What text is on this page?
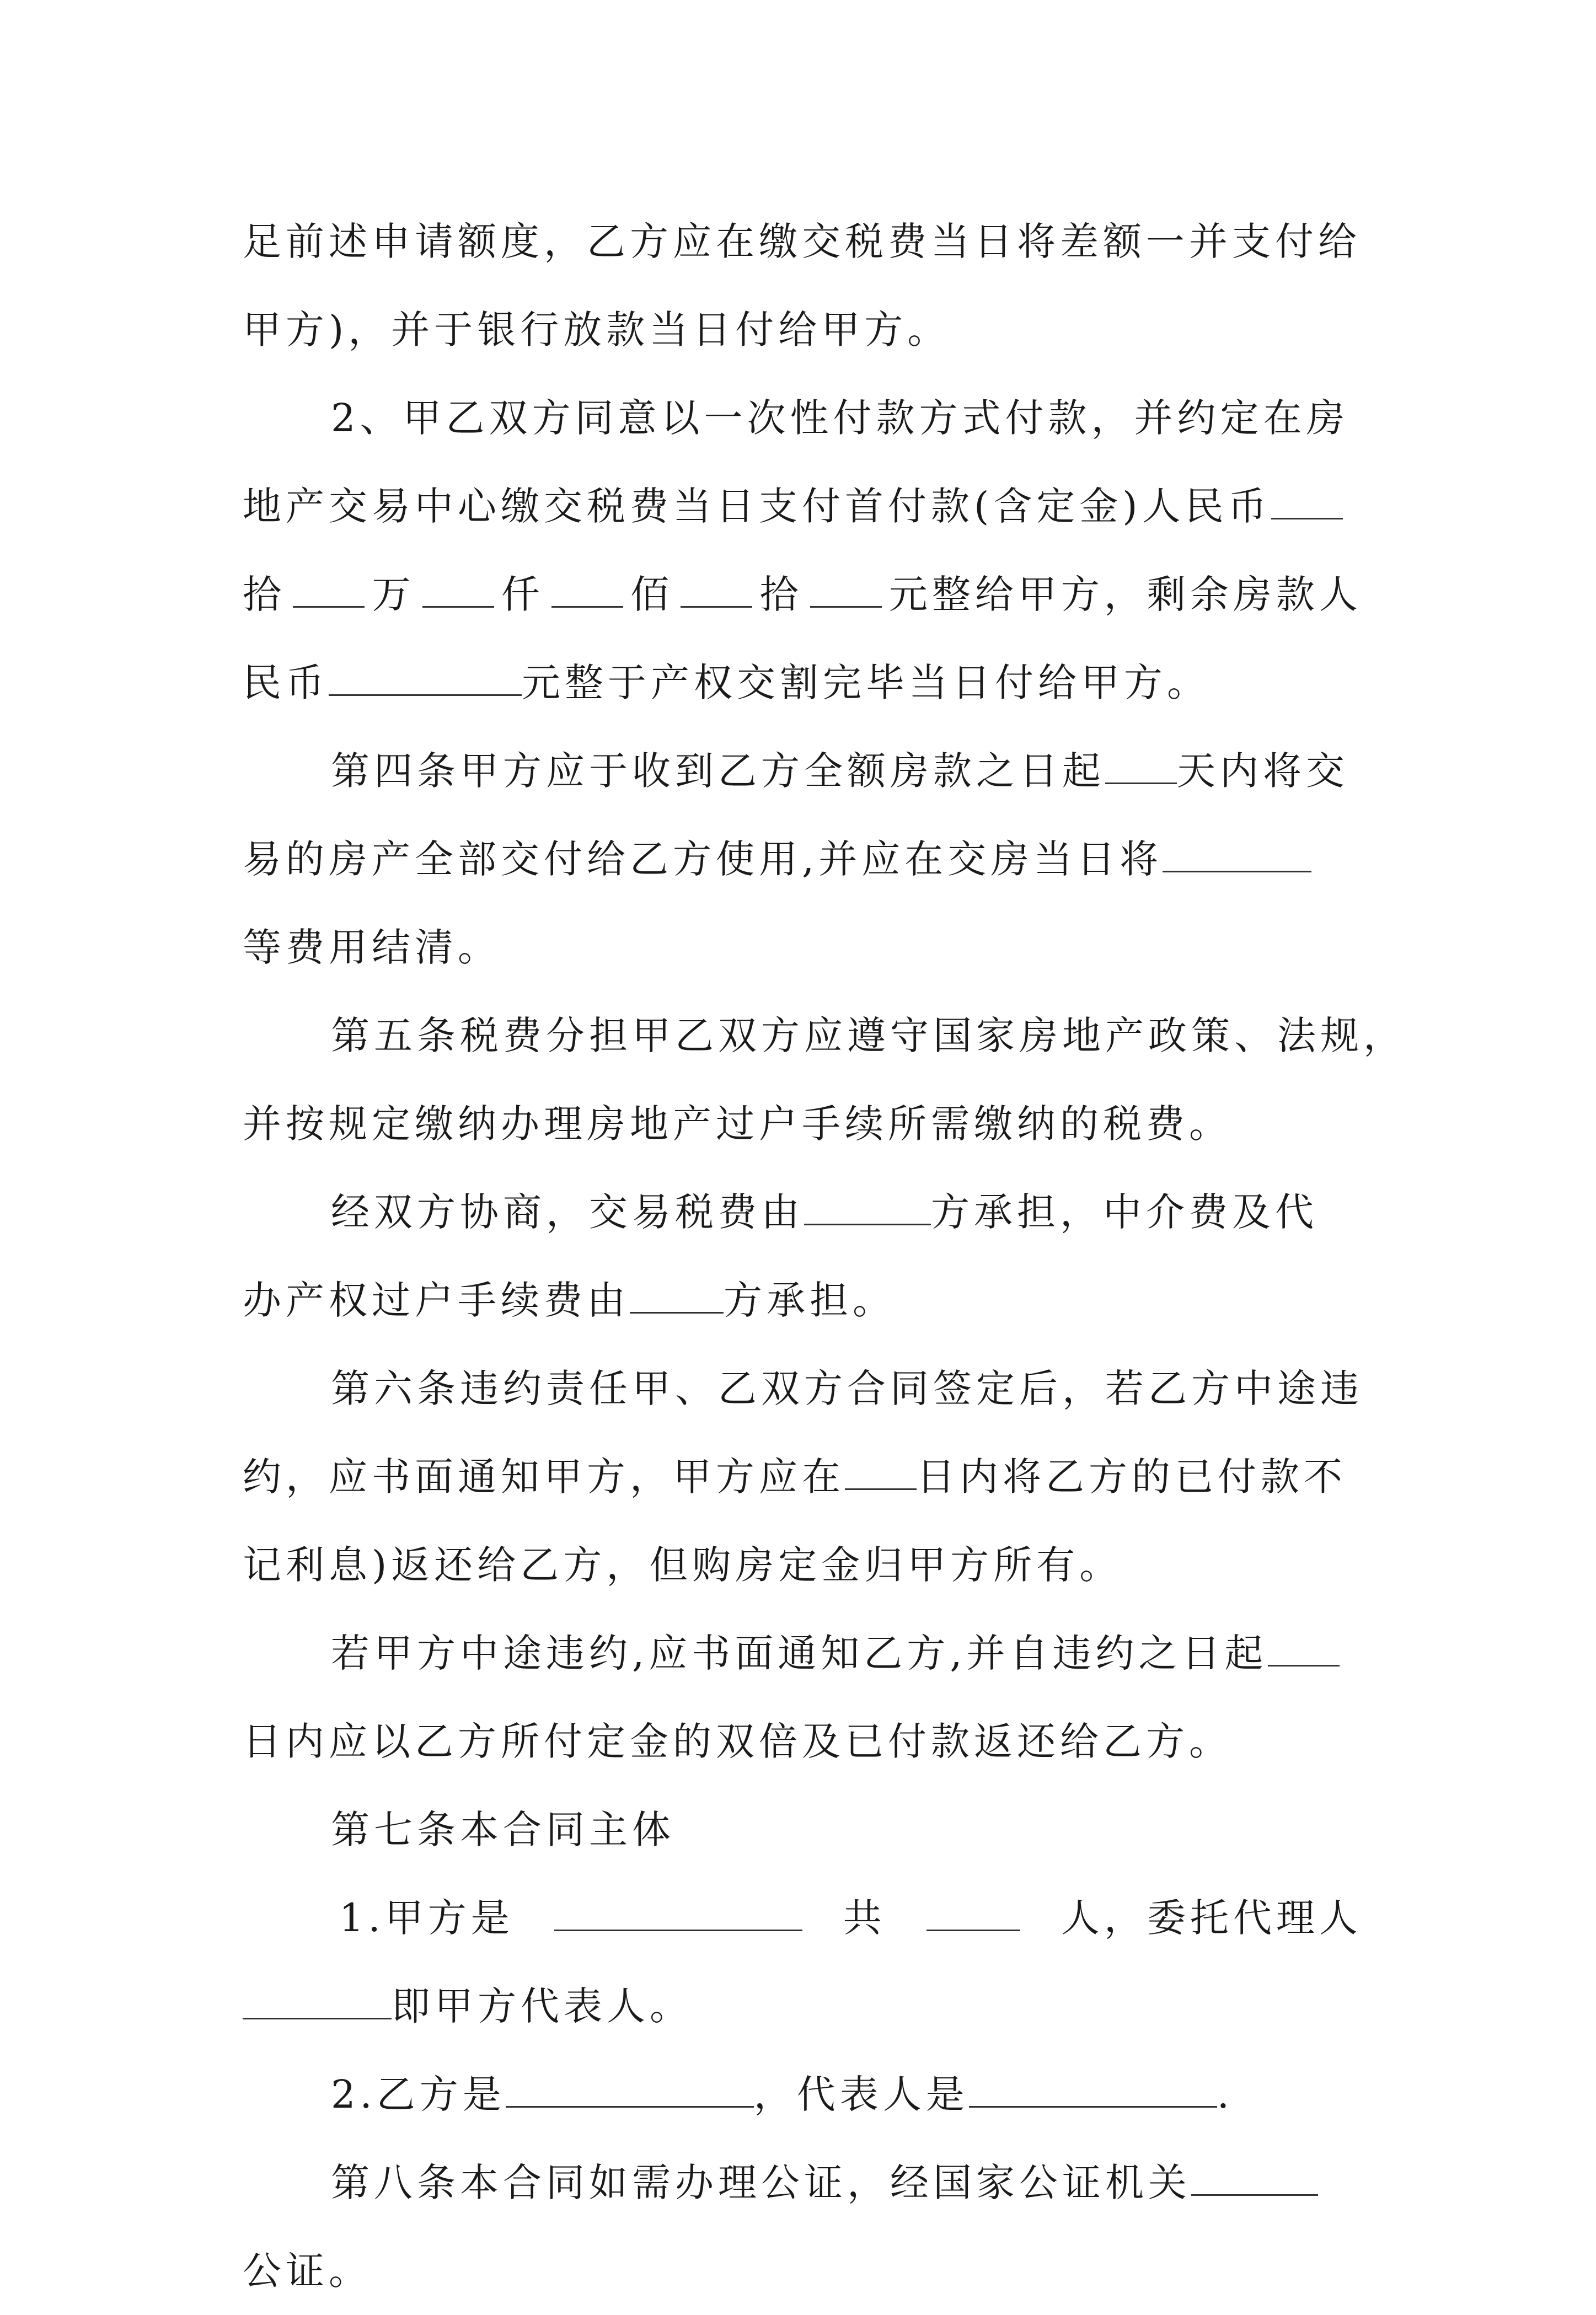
足前述申请额度，乙方应在缴交税费当日将差额一并支付给
甲方)，并于银行放款当日付给甲方。
2、甲乙双方同意以一次性付款方式付款，并约定在房
地产交易中心缴交税费当日支付首付款(含定金)人民币
拾 万 仟 佰 拾 元整给甲方，剩余房款人
民币	元整于产权交割完毕当日付给甲方。
第四条甲方应于收到乙方全额房款之日起 天内将交
易的房产全部交付给乙方使用,并应在交房当日将
等费用结清。
第五条税费分担甲乙双方应遵守国家房地产政策、法规，
并按规定缴纳办理房地产过户手续所需缴纳的税费。
经双方协商，交易税费由	方承担，中介费及代
办产权过户手续费由 方承担。
第六条违约责任甲、乙双方合同签定后，若乙方中途违
约，应书面通知甲方，甲方应在 日内将乙方的已付款不
记利息)返还给乙方，但购房定金归甲方所有。
若甲方中途违约,应书面通知乙方,并自违约之日起
日内应以乙方所付定金的双倍及已付款返还给乙方。
第七条本合同主体
1.甲方是	共	人，委托代理人
即甲方代表人。
2.乙方是	，代表人是	.
第八条本合同如需办理公证，经国家公证机关
公证。
